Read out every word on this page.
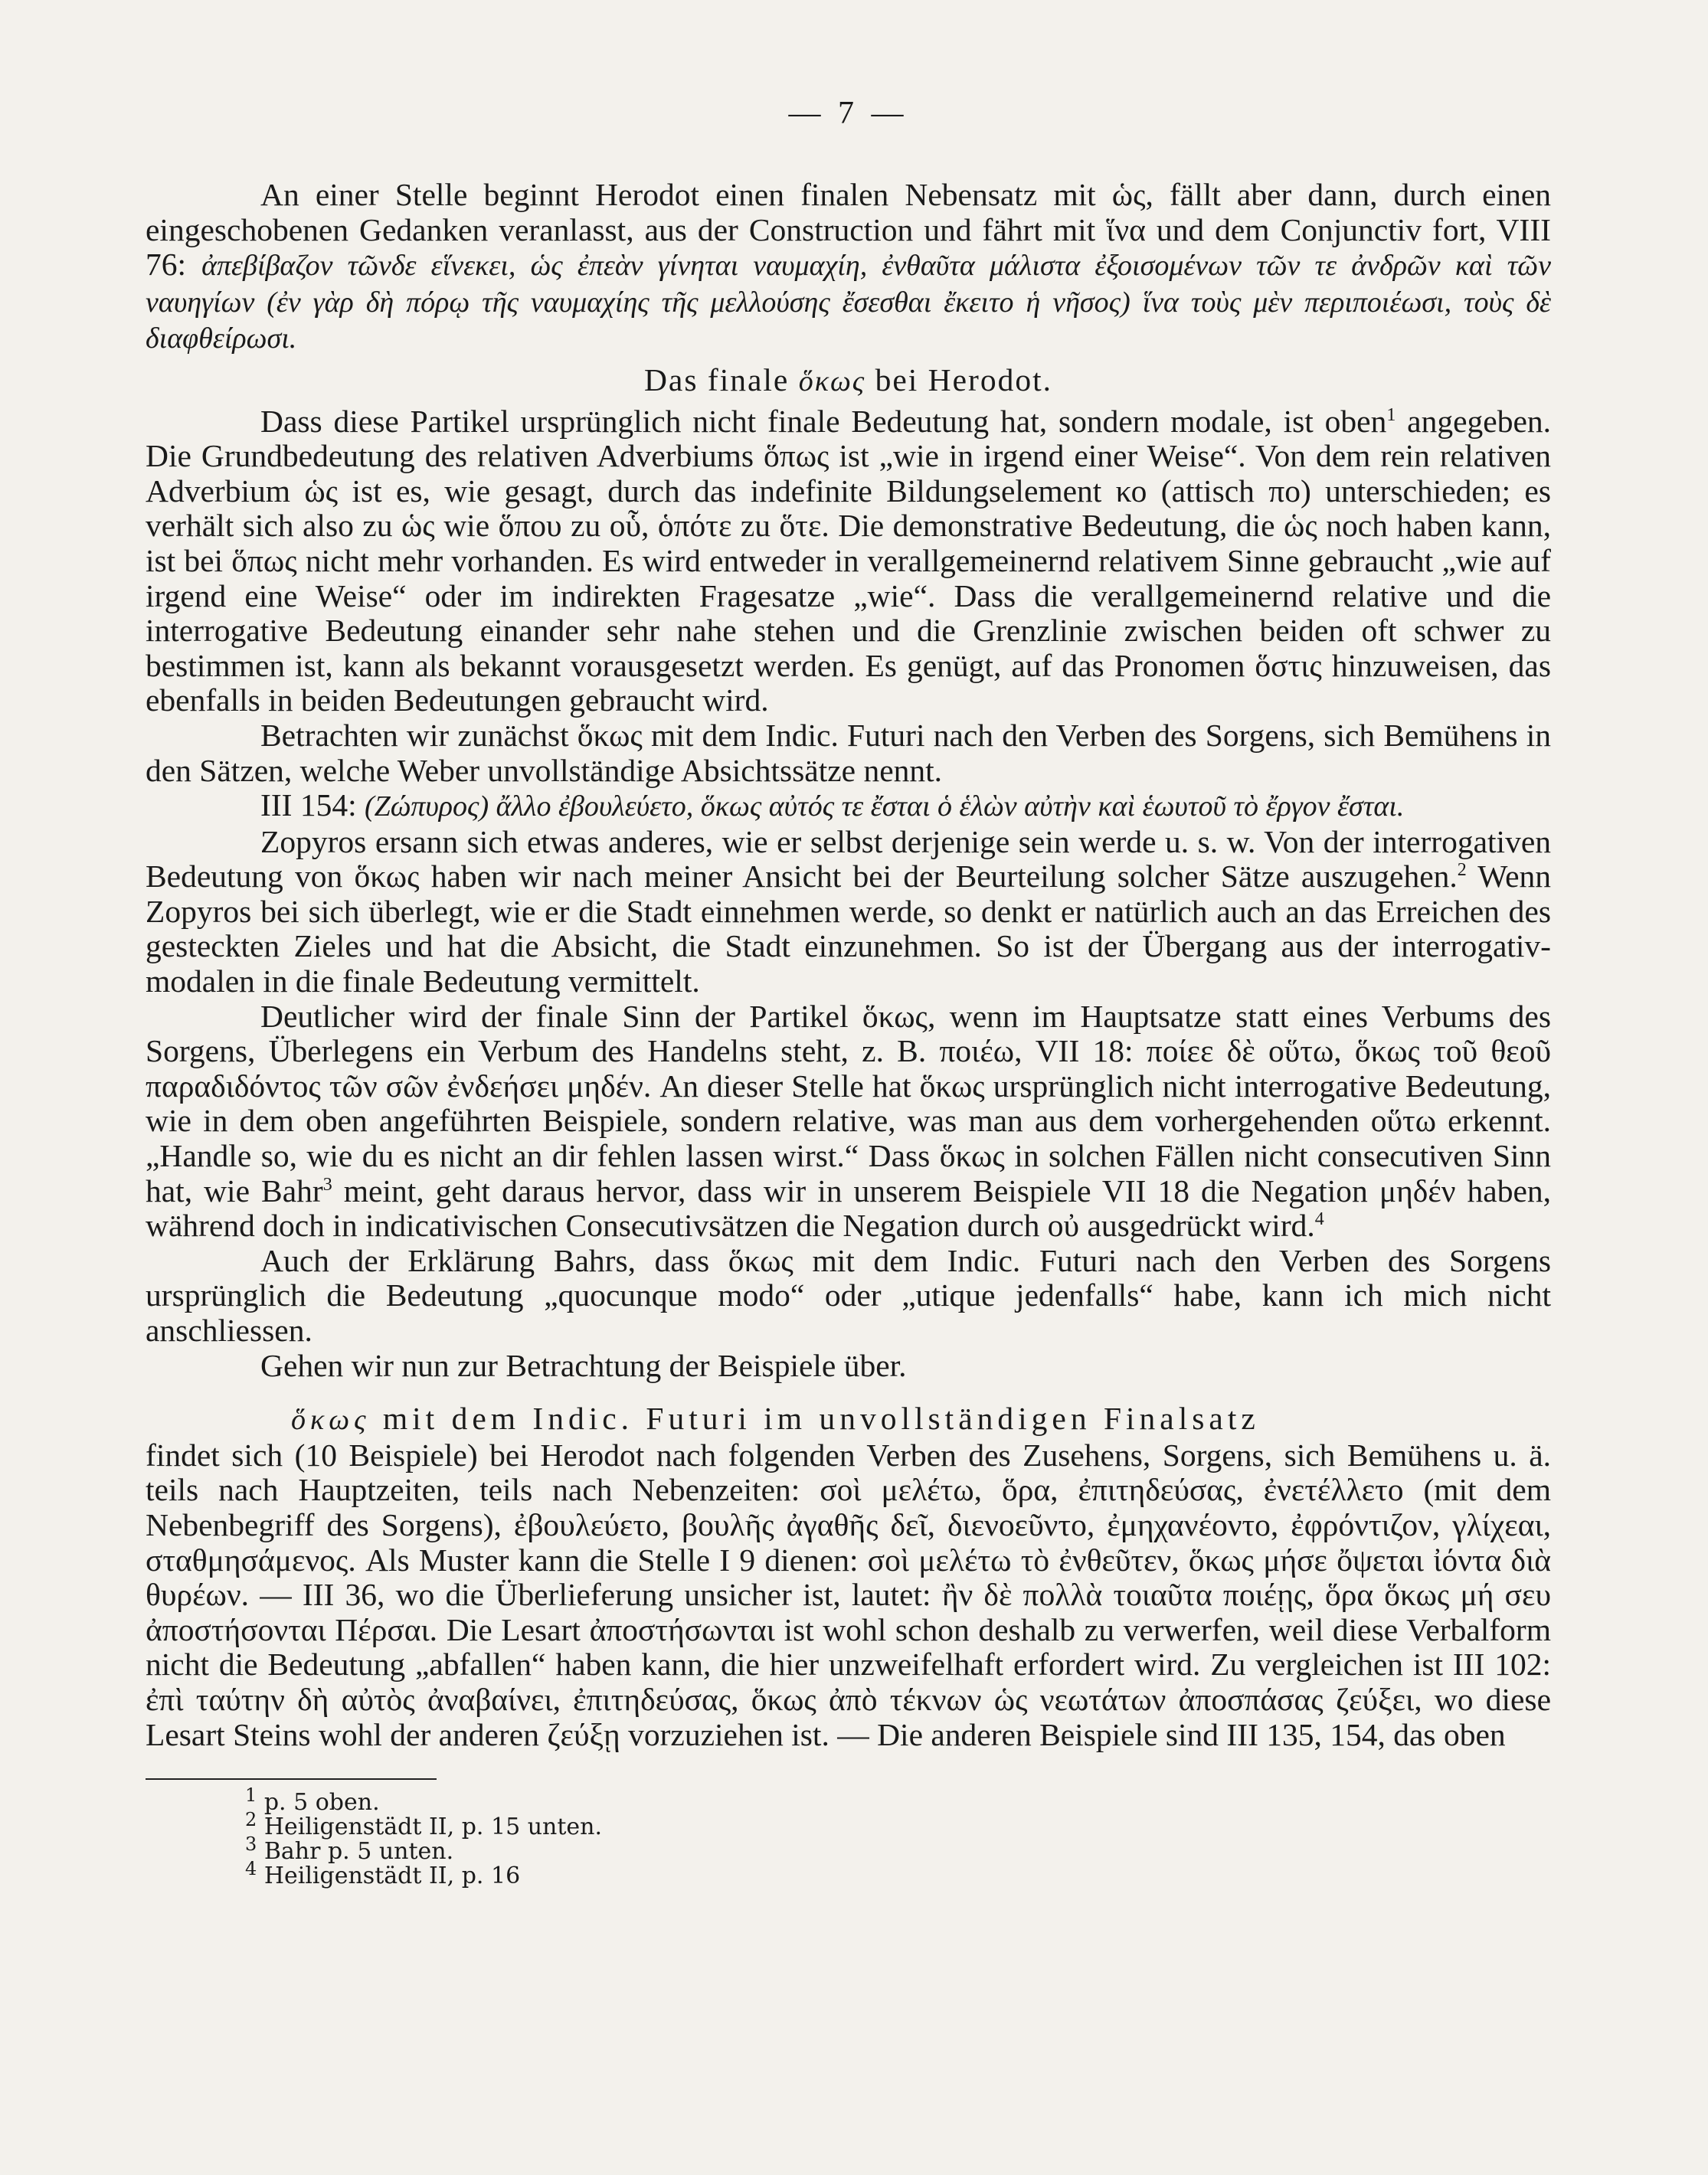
— 7 —

An einer Stelle beginnt Herodot einen finalen Nebensatz mit ὡς, fällt aber dann, durch einen eingeschobenen Gedanken veranlasst, aus der Construction und fährt mit ἵνα und dem Conjunctiv fort, VIII 76: ἀπεβίβαζον τῶνδε εἵνεκει, ὡς ἐπεὰν γίνηται ναυμαχίη, ἐνθαῦτα μάλιστα ἐξοισομένων τῶν τε ἀνδρῶν καὶ τῶν ναυηγίων (ἐν γὰρ δὴ πόρῳ τῆς ναυμαχίης τῆς μελλούσης ἔσεσθαι ἔκειτο ἡ νῆσος) ἵνα τοὺς μὲν περιποιέωσι, τοὺς δὲ διαφθείρωσι.

Das finale ὅκως bei Herodot.

Dass diese Partikel ursprünglich nicht finale Bedeutung hat, sondern modale, ist oben$^1$ angegeben. Die Grundbedeutung des relativen Adverbiums ὅπως ist „wie in irgend einer Weise“. Von dem rein relativen Adverbium ὡς ist es, wie gesagt, durch das indefinite Bildungselement κο (attisch πο) unterschieden; es verhält sich also zu ὡς wie ὅπου zu οὗ, ὁπότε zu ὅτε. Die demonstrative Bedeutung, die ὡς noch haben kann, ist bei ὅπως nicht mehr vorhanden. Es wird entweder in verallgemeinernd relativem Sinne gebraucht „wie auf irgend eine Weise“ oder im indirekten Fragesatze „wie“. Dass die verallgemeinernd relative und die interrogative Bedeutung einander sehr nahe stehen und die Grenzlinie zwischen beiden oft schwer zu bestimmen ist, kann als bekannt vorausgesetzt werden. Es genügt, auf das Pronomen ὅστις hinzuweisen, das ebenfalls in beiden Bedeutungen gebraucht wird.

Betrachten wir zunächst ὅκως mit dem Indic. Futuri nach den Verben des Sorgens, sich Bemühens in den Sätzen, welche Weber unvollständige Absichtssätze nennt.

III 154: (Ζώπυρος) ἄλλο ἐβουλεύετο, ὅκως αὐτός τε ἔσται ὁ ἑλὼν αὐτὴν καὶ ἑωυτοῦ τὸ ἔργον ἔσται.

Zopyros ersann sich etwas anderes, wie er selbst derjenige sein werde u. s. w. Von der interrogativen Bedeutung von ὅκως haben wir nach meiner Ansicht bei der Beurteilung solcher Sätze auszugehen.$^2$ Wenn Zopyros bei sich überlegt, wie er die Stadt einnehmen werde, so denkt er natürlich auch an das Erreichen des gesteckten Zieles und hat die Absicht, die Stadt einzunehmen. So ist der Übergang aus der interrogativ-modalen in die finale Bedeutung vermittelt.

Deutlicher wird der finale Sinn der Partikel ὅκως, wenn im Hauptsatze statt eines Verbums des Sorgens, Überlegens ein Verbum des Handelns steht, z. B. ποιέω, VII 18: ποίεε δὲ οὕτω, ὅκως τοῦ θεοῦ παραδιδόντος τῶν σῶν ἐνδεήσει μηδέν. An dieser Stelle hat ὅκως ursprünglich nicht interrogative Bedeutung, wie in dem oben angeführten Beispiele, sondern relative, was man aus dem vorhergehenden οὕτω erkennt. „Handle so, wie du es nicht an dir fehlen lassen wirst.“ Dass ὅκως in solchen Fällen nicht consecutiven Sinn hat, wie Bahr$^3$ meint, geht daraus hervor, dass wir in unserem Beispiele VII 18 die Negation μηδέν haben, während doch in indicativischen Consecutivsätzen die Negation durch οὐ ausgedrückt wird.$^4$

Auch der Erklärung Bahrs, dass ὅκως mit dem Indic. Futuri nach den Verben des Sorgens ursprünglich die Bedeutung „quocunque modo“ oder „utique jedenfalls“ habe, kann ich mich nicht anschliessen.

Gehen wir nun zur Betrachtung der Beispiele über.

ὅκως mit dem Indic. Futuri im unvollständigen Finalsatz

findet sich (10 Beispiele) bei Herodot nach folgenden Verben des Zusehens, Sorgens, sich Bemühens u. ä. teils nach Hauptzeiten, teils nach Nebenzeiten: σοὶ μελέτω, ὅρα, ἐπιτηδεύσας, ἐνετέλλετο (mit dem Nebenbegriff des Sorgens), ἐβουλεύετο, βουλῆς ἀγαθῆς δεῖ, διενοεῦντο, ἐμηχανέοντο, ἐφρόντιζον, γλίχεαι, σταθμησάμενος. Als Muster kann die Stelle I 9 dienen: σοὶ μελέτω τὸ ἐνθεῦτεν, ὅκως μήσε ὄψεται ἰόντα διὰ θυρέων. — III 36, wo die Überlieferung unsicher ist, lautet: ἢν δὲ πολλὰ τοιαῦτα ποιέῃς, ὅρα ὅκως μή σευ ἀποστήσονται Πέρσαι. Die Lesart ἀποστήσωνται ist wohl schon deshalb zu verwerfen, weil diese Verbalform nicht die Bedeutung „abfallen“ haben kann, die hier unzweifelhaft erfordert wird. Zu vergleichen ist III 102: ἐπὶ ταύτην δὴ αὐτὸς ἀναβαίνει, ἐπιτηδεύσας, ὅκως ἀπὸ τέκνων ὡς νεωτάτων ἀποσπάσας ζεύξει, wo diese Lesart Steins wohl der anderen ζεύξῃ vorzuziehen ist. — Die anderen Beispiele sind III 135, 154, das oben

$^1$ p. 5 oben.
$^2$ Heiligenstädt II, p. 15 unten.
$^3$ Bahr p. 5 unten.
$^4$ Heiligenstädt II, p. 16
